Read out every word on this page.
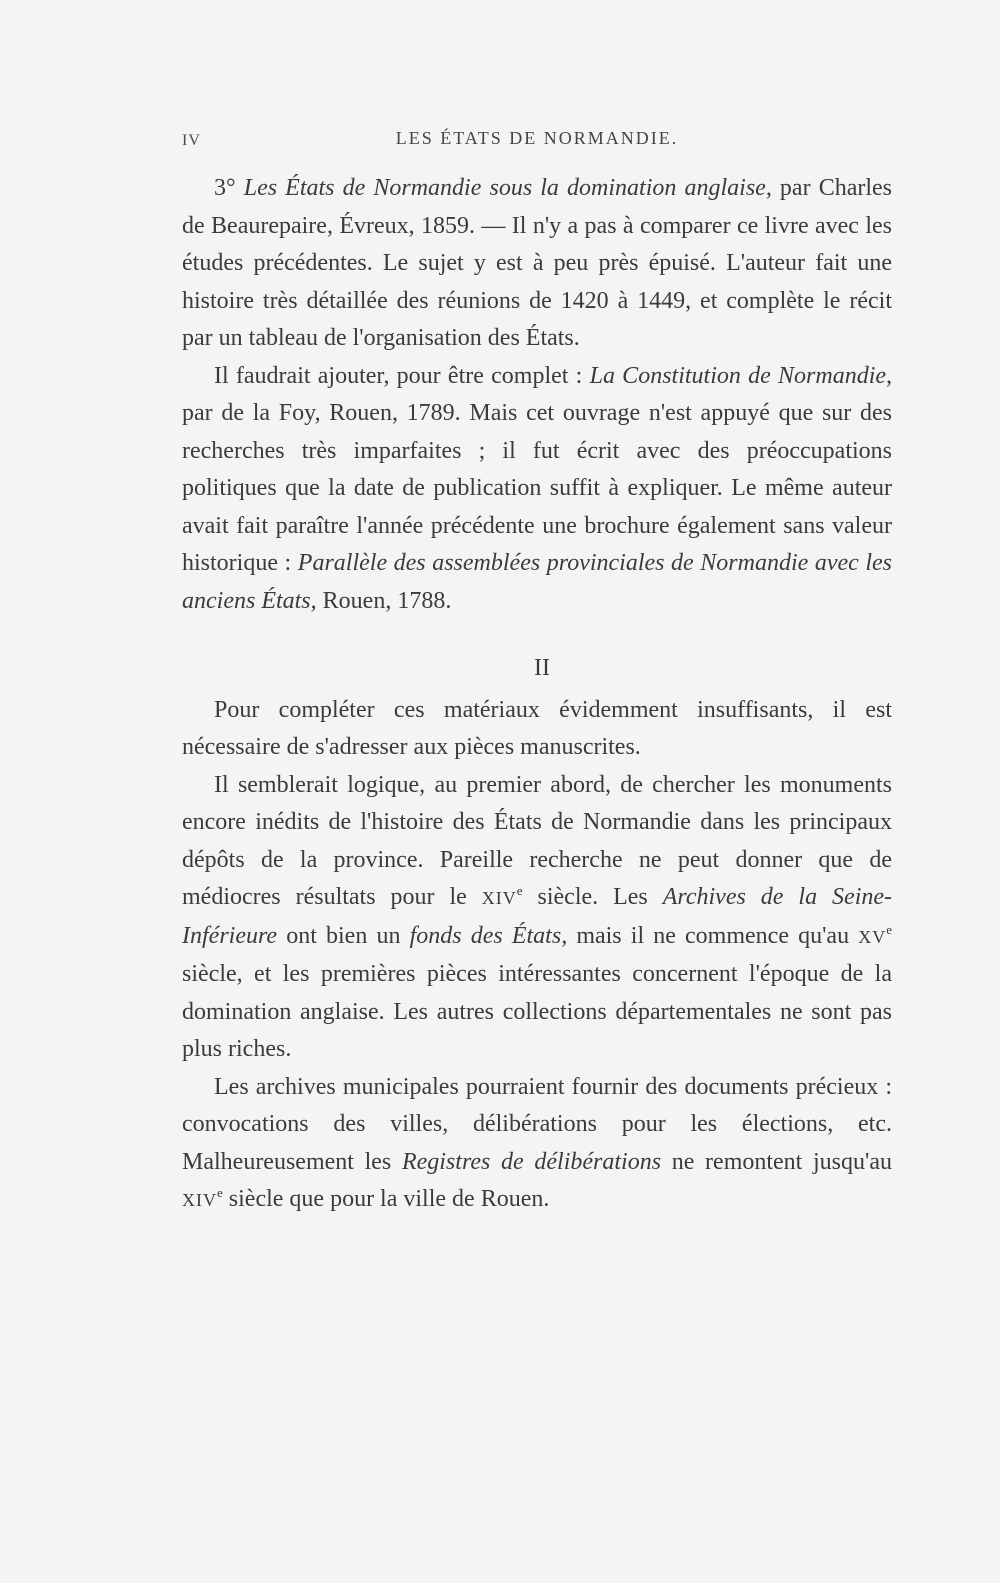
IV	LES ÉTATS DE NORMANDIE.

3° Les États de Normandie sous la domination anglaise, par Charles de Beaurepaire, Évreux, 1859. — Il n'y a pas à comparer ce livre avec les études précédentes. Le sujet y est à peu près épuisé. L'auteur fait une histoire très détaillée des réunions de 1420 à 1449, et complète le récit par un tableau de l'organisation des États.

Il faudrait ajouter, pour être complet : La Constitution de Normandie, par de la Foy, Rouen, 1789. Mais cet ouvrage n'est appuyé que sur des recherches très imparfaites ; il fut écrit avec des préoccupations politiques que la date de publication suffit à expliquer. Le même auteur avait fait paraître l'année précédente une brochure également sans valeur historique : Parallèle des assemblées provinciales de Normandie avec les anciens États, Rouen, 1788.

II

Pour compléter ces matériaux évidemment insuffisants, il est nécessaire de s'adresser aux pièces manuscrites.

Il semblerait logique, au premier abord, de chercher les monuments encore inédits de l'histoire des États de Normandie dans les principaux dépôts de la province. Pareille recherche ne peut donner que de médiocres résultats pour le XIVe siècle. Les Archives de la Seine-Inférieure ont bien un fonds des États, mais il ne commence qu'au XVe siècle, et les premières pièces intéressantes concernent l'époque de la domination anglaise. Les autres collections départementales ne sont pas plus riches.

Les archives municipales pourraient fournir des documents précieux : convocations des villes, délibérations pour les élections, etc. Malheureusement les Registres de délibérations ne remontent jusqu'au XIVe siècle que pour la ville de Rouen.
